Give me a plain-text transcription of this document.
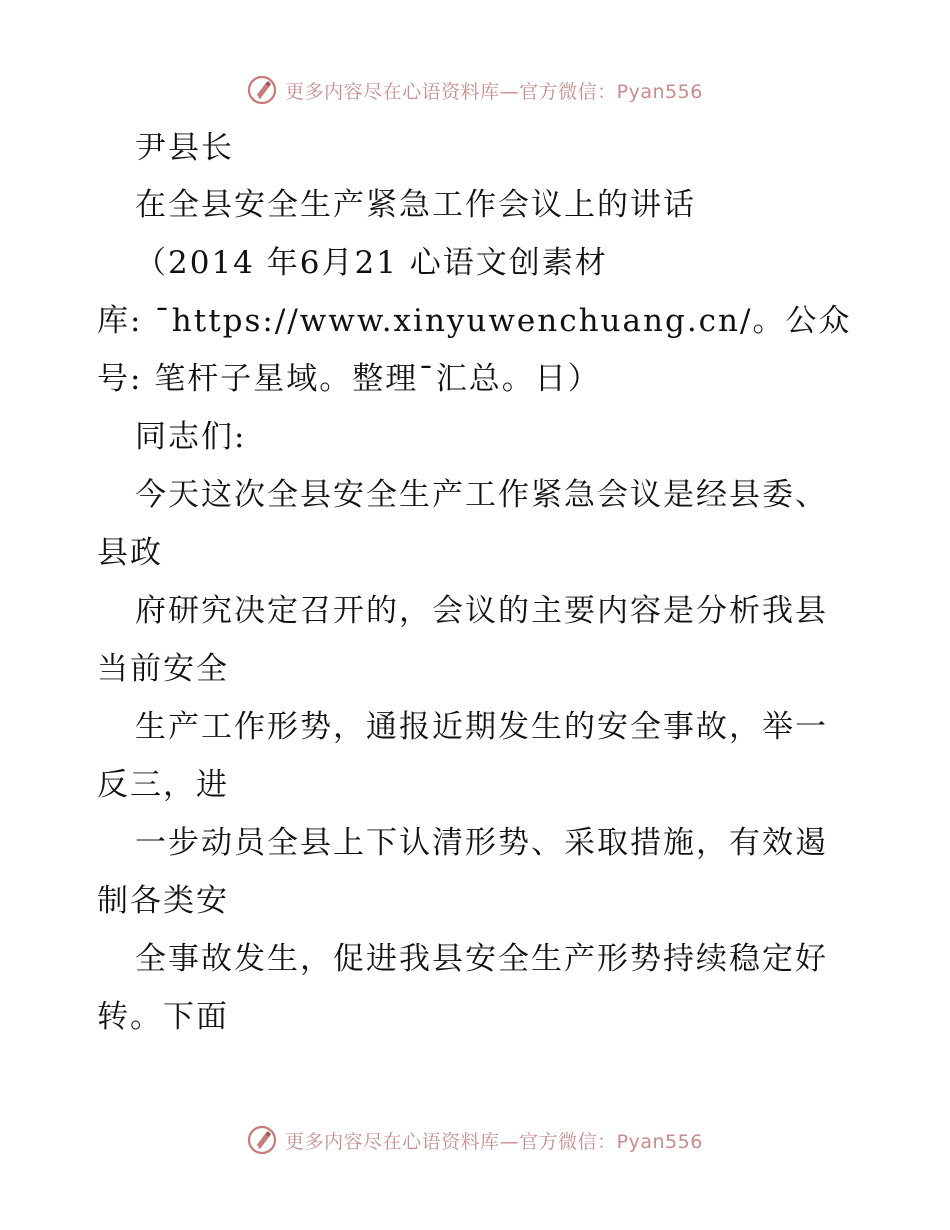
更多内容尽在心语资料库—官方微信：Pyan556
尹县长
在全县安全生产紧急工作会议上的讲话
（2014 年6月21 心语文创素材
库: ¯https://www.xinyuwenchuang.cn/。公众
号: 笔杆子星域。整理¯汇总。日）
同志们:
今天这次全县安全生产工作紧急会议是经县委、
县政
府研究决定召开的，会议的主要内容是分析我县
当前安全
生产工作形势，通报近期发生的安全事故，举一
反三，进
一步动员全县上下认清形势、采取措施，有效遏
制各类安
全事故发生，促进我县安全生产形势持续稳定好
转。下面
更多内容尽在心语资料库—官方微信：Pyan556
